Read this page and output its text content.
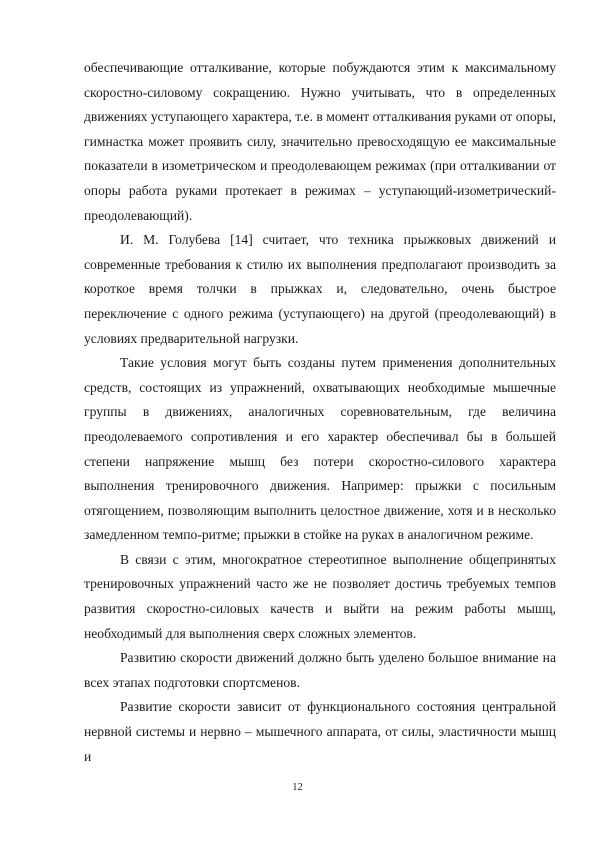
обеспечивающие отталкивание, которые побуждаются этим к максимальному скоростно-силовому сокращению. Нужно учитывать, что в определенных движениях уступающего характера, т.е. в момент отталкивания руками от опоры, гимнастка может проявить силу, значительно превосходящую ее максимальные показатели в изометрическом и преодолевающем режимах (при отталкивании от опоры работа руками протекает в режимах – уступающий-изометрический-преодолевающий).

И. М. Голубева [14] считает, что техника прыжковых движений и современные требования к стилю их выполнения предполагают производить за короткое время толчки в прыжках и, следовательно, очень быстрое переключение с одного режима (уступающего) на другой (преодолевающий) в условиях предварительной нагрузки.

Такие условия могут быть созданы путем применения дополнительных средств, состоящих из упражнений, охватывающих необходимые мышечные группы в движениях, аналогичных соревновательным, где величина преодолеваемого сопротивления и его характер обеспечивал бы в большей степени напряжение мышц без потери скоростно-силового характера выполнения тренировочного движения. Например: прыжки с посильным отягощением, позволяющим выполнить целостное движение, хотя и в несколько замедленном темпо-ритме; прыжки в стойке на руках в аналогичном режиме.

В связи с этим, многократное стереотипное выполнение общепринятых тренировочных упражнений часто же не позволяет достичь требуемых темпов развития скоростно-силовых качеств и выйти на режим работы мышц, необходимый для выполнения сверх сложных элементов.

Развитию скорости движений должно быть уделено большое внимание на всех этапах подготовки спортсменов.

Развитие скорости зависит от функционального состояния центральной нервной системы и нервно – мышечного аппарата, от силы, эластичности мышц и

12
